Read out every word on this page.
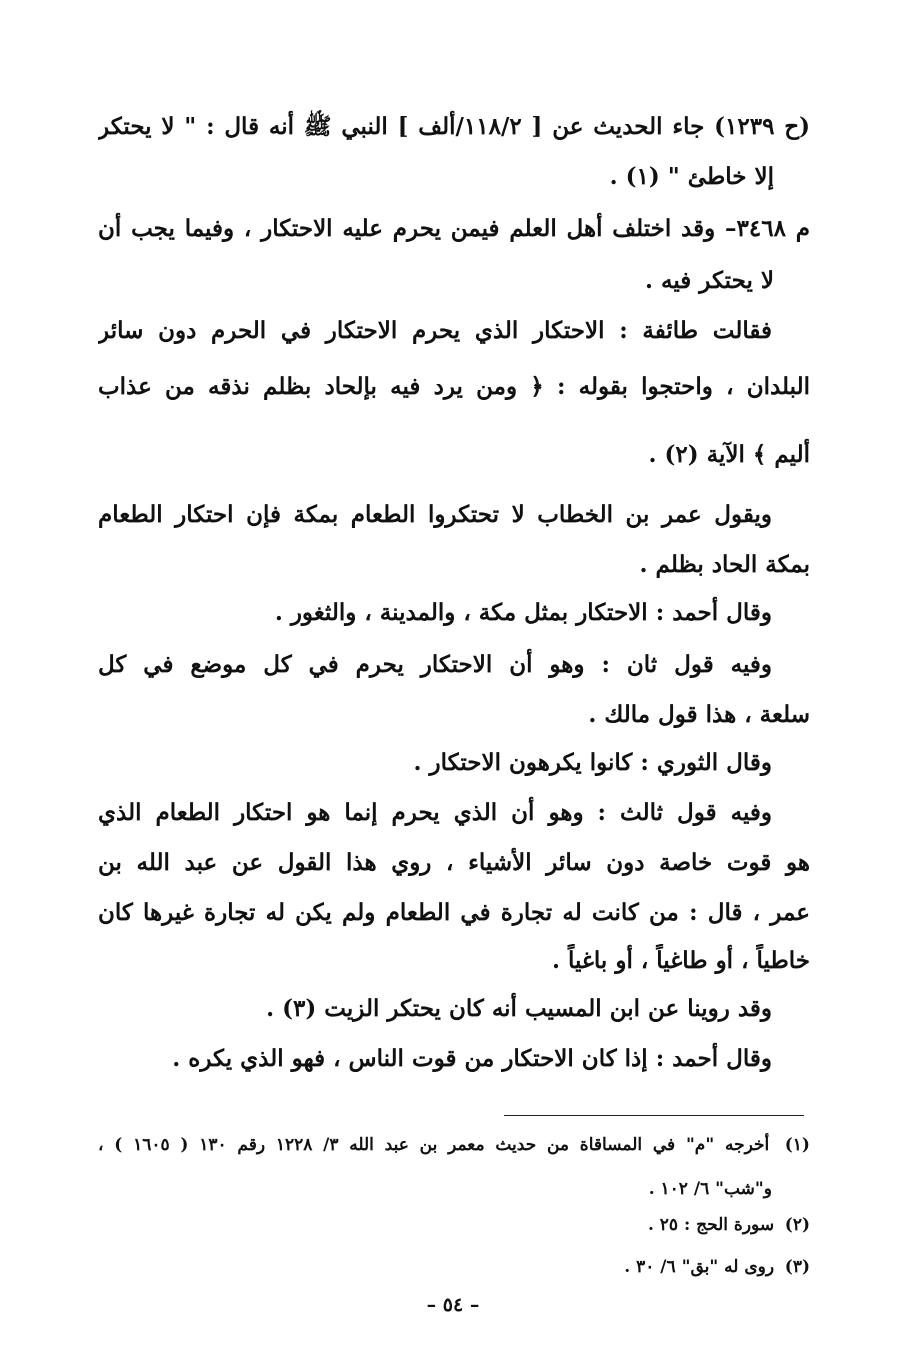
(ح ١٢٣٩) جاء الحديث عن [ ١١٨/٢/ألف ] النبي ﷺ أنه قال : " لا يحتكر
إلا خاطئ " (١) .
م ٣٤٦٨– وقد اختلف أهل العلم فيمن يحرم عليه الاحتكار ، وفيما يجب أن
لا يحتكر فيه .
فقالت طائفة : الاحتكار الذي يحرم الاحتكار في الحرم دون سائر
البلدان ، واحتجوا بقوله : ﴿ ومن يرد فيه بإلحاد بظلم نذقه من عذاب
أليم ﴾ الآية (٢) .
ويقول عمر بن الخطاب لا تحتكروا الطعام بمكة فإن احتكار الطعام
بمكة الحاد بظلم .
وقال أحمد : الاحتكار بمثل مكة ، والمدينة ، والثغور .
وفيه قول ثان : وهو أن الاحتكار يحرم في كل موضع في كل
سلعة ، هذا قول مالك .
وقال الثوري : كانوا يكرهون الاحتكار .
وفيه قول ثالث : وهو أن الذي يحرم إنما هو احتكار الطعام الذي
هو قوت خاصة دون سائر الأشياء ، روي هذا القول عن عبد الله بن
عمر ، قال : من كانت له تجارة في الطعام ولم يكن له تجارة غيرها كان
خاطياً ، أو طاغياً ، أو باغياً .
وقد روينا عن ابن المسيب أنه كان يحتكر الزيت (٣) .
وقال أحمد : إذا كان الاحتكار من قوت الناس ، فهو الذي يكره .
(١) أخرجه "م" في المساقاة من حديث معمر بن عبد الله ٣/ ١٢٢٨ رقم ١٣٠ ( ١٦٠٥ ) ،
و"شب" ٦/ ١٠٢ .
(٢) سورة الحج : ٢٥ .
(٣) روى له "بق" ٦/ ٣٠ .
– ٥٤ –
